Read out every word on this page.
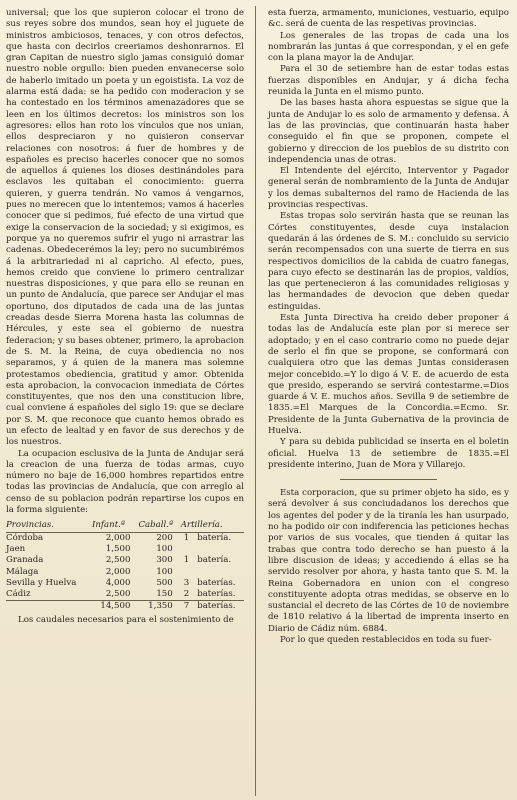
universal; que los que supieron colocar el trono de sus reyes sobre dos mundos, sean hoy el juguete de ministros ambiciosos, tenaces, y con otros defectos, que hasta con decirlos creeriamos deshonrarnos. El gran Capitan de nuestro siglo jamas consiguió domar nuestro noble orgullo: bien pueden envanecerse solo de haberlo imitado un poeta y un egoistista. La voz de alarma está dada: se ha pedido con moderacion y se ha contestado en los términos amenazadores que se leen en los últimos decretos: los ministros son los agresores: ellos han roto los vínculos que nos unian, ellos despreciaron y no quisieron conservar relaciones con nosotros: á fuer de hombres y de españoles es preciso hacerles conocer que no somos de aquellos á quienes los dioses destinándoles para esclavos les quitaban el conocimiento: guerra quieren, y guerra tendrán. No vamos á vengarnos, pues no merecen que lo intentemos; vamos á hacerles conocer que si pedimos, fué efecto de una virtud que exige la conservacion de la sociedad; y si exigimos, es porque ya no queremos sufrir el yugo ni arrastrar las cadenas. Obedecerémos la ley; pero no sucumbirémos á la arbitrariedad ni al capricho. Al efecto, pues, hemos creido que conviene lo primero centralizar nuestras disposiciones, y que para ello se reunan en un punto de Andalucía, que parece ser Andujar el mas oportuno, dos diputados de cada una de las juntas creadas desde Sierra Morena hasta las columnas de Hércules, y este sea el gobierno de nuestra federacion; y su bases obtener, primero, la aprobacion de S. M. la Reina, de cuya obediencia no nos separamos, y á quien de la manera mas solemne protestamos obediencia, gratitud y amor. Obtenida esta aprobacion, la convocacion inmediata de Córtes constituyentes, que nos den una constitucion libre, cual conviene á españoles del siglo 19: que se declare por S. M. que reconoce que cuanto hemos obrado es un efecto de lealtad y en favor de sus derechos y de los nuestros.

La ocupacion esclusiva de la Junta de Andujar será la creacion de una fuerza de todas armas, cuyo número no baje de 16,000 hombres repartidos entre todas las provincias de Andalucía, que con arreglo al censo de su poblacion podrán repartirse los cupos en la forma siguiente:

Provincias.	Infant.ª	Caball.ª	Artillería.	
Córdoba	2,000	200	1	batería.
Jaen	1,500	100		
Granada	2,500	300	1	batería.
Málaga	2,000	100		
Sevilla y Huelva	4,000	500	3	baterías.
Cádiz	2,500	150	2	baterías.
	14,500	1,350	7	baterías.

Los caudales necesarios para el sostenimiento de

esta fuerza, armamento, municiones, vestuario, equipo &c. será de cuenta de las respetivas provincias.

Los generales de las tropas de cada una los nombrarán las juntas á que correspondan, y el en gefe con la plana mayor la de Andujar.

Para el 30 de setiembre han de estar todas estas fuerzas disponibles en Andujar, y á dicha fecha reunida la Junta en el mismo punto.

De las bases hasta ahora espuestas se sigue que la junta de Andujar lo es solo de armamento y defensa. Á las de las provincias, que continuarán hasta haber conseguido el fin que se proponen, compete el gobierno y direccion de los pueblos de su distrito con independencia unas de otras.

El Intendente del ejército, Interventor y Pagador general serán de nombramiento de la Junta de Andujar y los demas subalternos del ramo de Hacienda de las provincias respectivas.

Estas tropas solo servirán hasta que se reunan las Córtes constituyentes, desde cuya instalacion quedarán á las órdenes de S. M.: concluido su servicio serán recompensados con una suerte de tierra en sus respectivos domicilios de la cabida de cuatro fanegas, para cuyo efecto se destinarán las de propios, valdíos, las que pertenecieron á las comunidades religiosas y las hermandades de devocion que deben quedar estinguidas.

Esta Junta Directiva ha creido deber proponer á todas las de Andalucía este plan por si merece ser adoptado; y en el caso contrario como no puede dejar de serlo el fin que se propone, se conformará con cualquiera otro que las demas Juntas considerasen mejor concebido.=Y lo digo á V. E. de acuerdo de esta que presido, esperando se servirá contestarme.=Dios guarde á V. E. muchos años. Sevilla 9 de setiembre de 1835.=El Marques de la Concordia.=Ecmo. Sr. Presidente de la Junta Gubernativa de la provincia de Huelva.

Y para su debida publicidad se inserta en el boletin oficial. Huelva 13 de setiembre de 1835.=El presidente interino, Juan de Mora y Villarejo.

Esta corporacion, que su primer objeto ha sido, es y será devolver á sus conciudadanos los derechos que los agentes del poder y de la tiranía les han usurpado, no ha podido oir con indiferencia las peticiones hechas por varios de sus vocales, que tienden á quitar las trabas que contra todo derecho se han puesto á la libre discusion de ideas; y accediendo á ellas se ha servido resolver por ahora, y hasta tanto que S. M. la Reina Gobernadora en union con el congreso constituyente adopta otras medidas, se observe en lo sustancial el decreto de las Córtes de 10 de noviembre de 1810 relativo á la libertad de imprenta inserto en Diario de Cádiz núm. 6884.

Por lo que queden restablecidos en toda su fuer-
